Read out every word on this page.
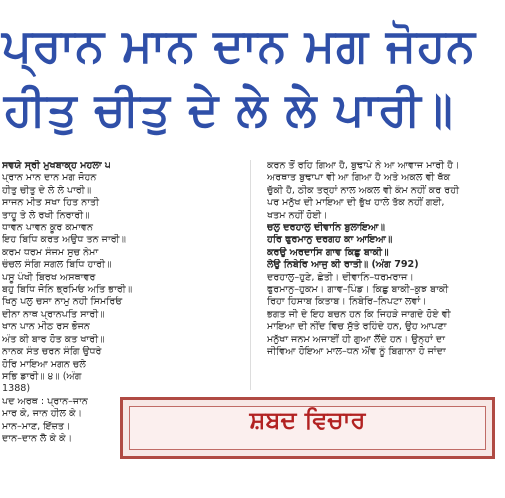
ਪ੍ਰਾਨ ਮਾਨ ਦਾਨ ਮਗ ਜੋਹਨ
ਹੀਤੁ ਚੀਤੁ ਦੇ ਲੇ ਲੇ ਪਾਰੀ॥
ਸਵਯੇ ਸ੍ਰੀ ਮੁਖਬਾਕ੍ਹ ਮਹਲਾ ੫
ਪ੍ਰਾਨ ਮਾਨ ਦਾਨ ਮਗ ਜੋਹਨ
ਹੀਤੁ ਚੀਤੁ ਦੇ ਲੇ ਲੇ ਪਾਰੀ॥
ਸਾਜਨ ਮੀਤ ਸਖਾ ਹਿਤ ਨਾਤੀ
ਤਾਹੂ ਤੇ ਲੇ ਰਖੀ ਨਿਰਾਰੀ॥
ਧਾਵਨ ਪਾਵਨ ਕੂਰ ਕਮਾਵਨ
ਇਹ ਬਿਧਿ ਕਰਤ ਅਉਧ ਤਨ ਜਾਰੀ॥
ਕਰਮ ਧਰਮ ਸੰਜਮ ਸੁਚ ਨੇਮਾ
ਚੰਚਲ ਸੰਗਿ ਸਗਲ ਬਿਧਿ ਹਾਰੀ॥
ਪਸੂ ਪੰਖੀ ਬਿਰਖ ਅਸਥਾਵਰ
ਬਹੁ ਬਿਧਿ ਜੋਨਿ ਭ੍ਰਮਿਓ ਅਤਿ ਭਾਰੀ॥
ਖਿਨੁ ਪਲੁ ਚਸਾ ਨਾਮੁ ਨਹੀ ਸਿਮਰਿਓ
ਦੀਨਾ ਨਾਥ ਪ੍ਰਾਨਪਤਿ ਸਾਰੀ॥
ਖਾਨ ਪਾਨ ਮੀਠ ਰਸ ਭੋਜਨ
ਅੰਤ ਕੀ ਬਾਰ ਹੋਤ ਕਤ ਖਾਰੀ॥
ਨਾਨਕ ਸੰਤ ਚਰਨ ਸੰਗਿ ਉਧਰੇ
ਹੋਰਿ ਮਾਇਆ ਮਗਨ ਚਲੇ
ਸਭਿ ਡਾਰੀ॥ ੪॥ (ਅੰਗ
1388)
ਪਦ ਅਰਥ : ਪ੍ਰਾਨ–ਜਾਨ
ਮਾਰ ਕੇ, ਜਾਨ ਹੀਲ ਕੇ।
ਮਾਨ–ਮਾਣ, ਇੱਜ਼ਤ।
ਦਾਨ–ਦਾਨ ਲੈ ਕੇ ਕੇ।
ਕਰਨ ਤੋਂ ਰਹਿ ਗਿਆ ਹੈ, ਬੁਢਾਪੇ ਨੇ ਆ ਆਵਾਜ ਮਾਰੀ ਹੈ।
ਅਰਥਾਤ ਬੁਢਾਪਾ ਵੀ ਆ ਗਿਆ ਹੈ ਅਤੇ ਅਕਲ ਵੀ ਥੱਕ
ਚੁੱਕੀ ਹੈ, ਠੀਕ ਤਰ੍ਹਾਂ ਨਾਲ ਅਕਲ ਵੀ ਕੰਮ ਨਹੀਂ ਕਰ ਰਹੀ
ਪਰ ਮਨੁੱਖ ਦੀ ਮਾਇਆ ਦੀ ਭੁੱਖ ਹਾਲੇ ਤੱਕ ਨਹੀਂ ਗਈ,
ਖਤਮ ਨਹੀਂ ਹੋਈ।
ਚਲੁ ਦਰਹਾਲੁ ਦੀਵਾਨਿ ਬੁਲਾਇਆ॥
ਹਰਿ ਫੁਰਮਾਨੁ ਦਰਗਹ ਕਾ ਆਇਆ॥
ਕਰਉ ਅਰਦਾਸਿ ਗਾਵ ਕਿਛੁ ਬਾਕੀ॥
ਲੇਉ ਨਿਬੇਰਿ ਆਜੁ ਕੀ ਰਾਤੀ॥ (ਅੰਗ 792)
ਦਰਹਾਲੁ–ਹੁਣੇ, ਛੇਤੀ। ਦੀਵਾਨਿ–ਧਰਮਰਾਜ।
ਫੁਰਮਾਨੁ–ਹੁਕਮ। ਗਾਵ–ਪਿੰਡ। ਕਿਛੁ ਬਾਕੀ–ਕੁਝ ਬਾਕੀ
ਰਿਹਾ ਹਿਸਾਬ ਕਿਤਾਬ। ਨਿਬੇਰਿ–ਨਿਪਟਾ ਲਵਾਂ।
ਭਗਤ ਜੀ ਦੇ ਇਹ ਬਚਨ ਹਨ ਕਿ ਜਿਹੜੇ ਜਾਗਦੇ ਹੋਏ ਵੀ
ਮਾਇਆ ਦੀ ਨੀਂਦ ਵਿਚ ਸੁੱਤੇ ਰਹਿੰਦੇ ਹਨ, ਉਹ ਆਪਣਾ
ਮਨੁੱਖਾ ਜਨਮ ਅਜਾਈਂ ਹੀ ਗੁਆ ਲੈਂਦੇ ਹਨ। ਉਨ੍ਹਾਂ ਦਾ
ਜੀਵਿਆ ਹੋਇਆ ਮਾਲ–ਧਨ ਐਂਵ ਨੂੰ ਬਿਗਾਨਾ ਹੋ ਜਾਂਦਾ
ਸ਼ਬਦ ਵਿਚਾਰ
